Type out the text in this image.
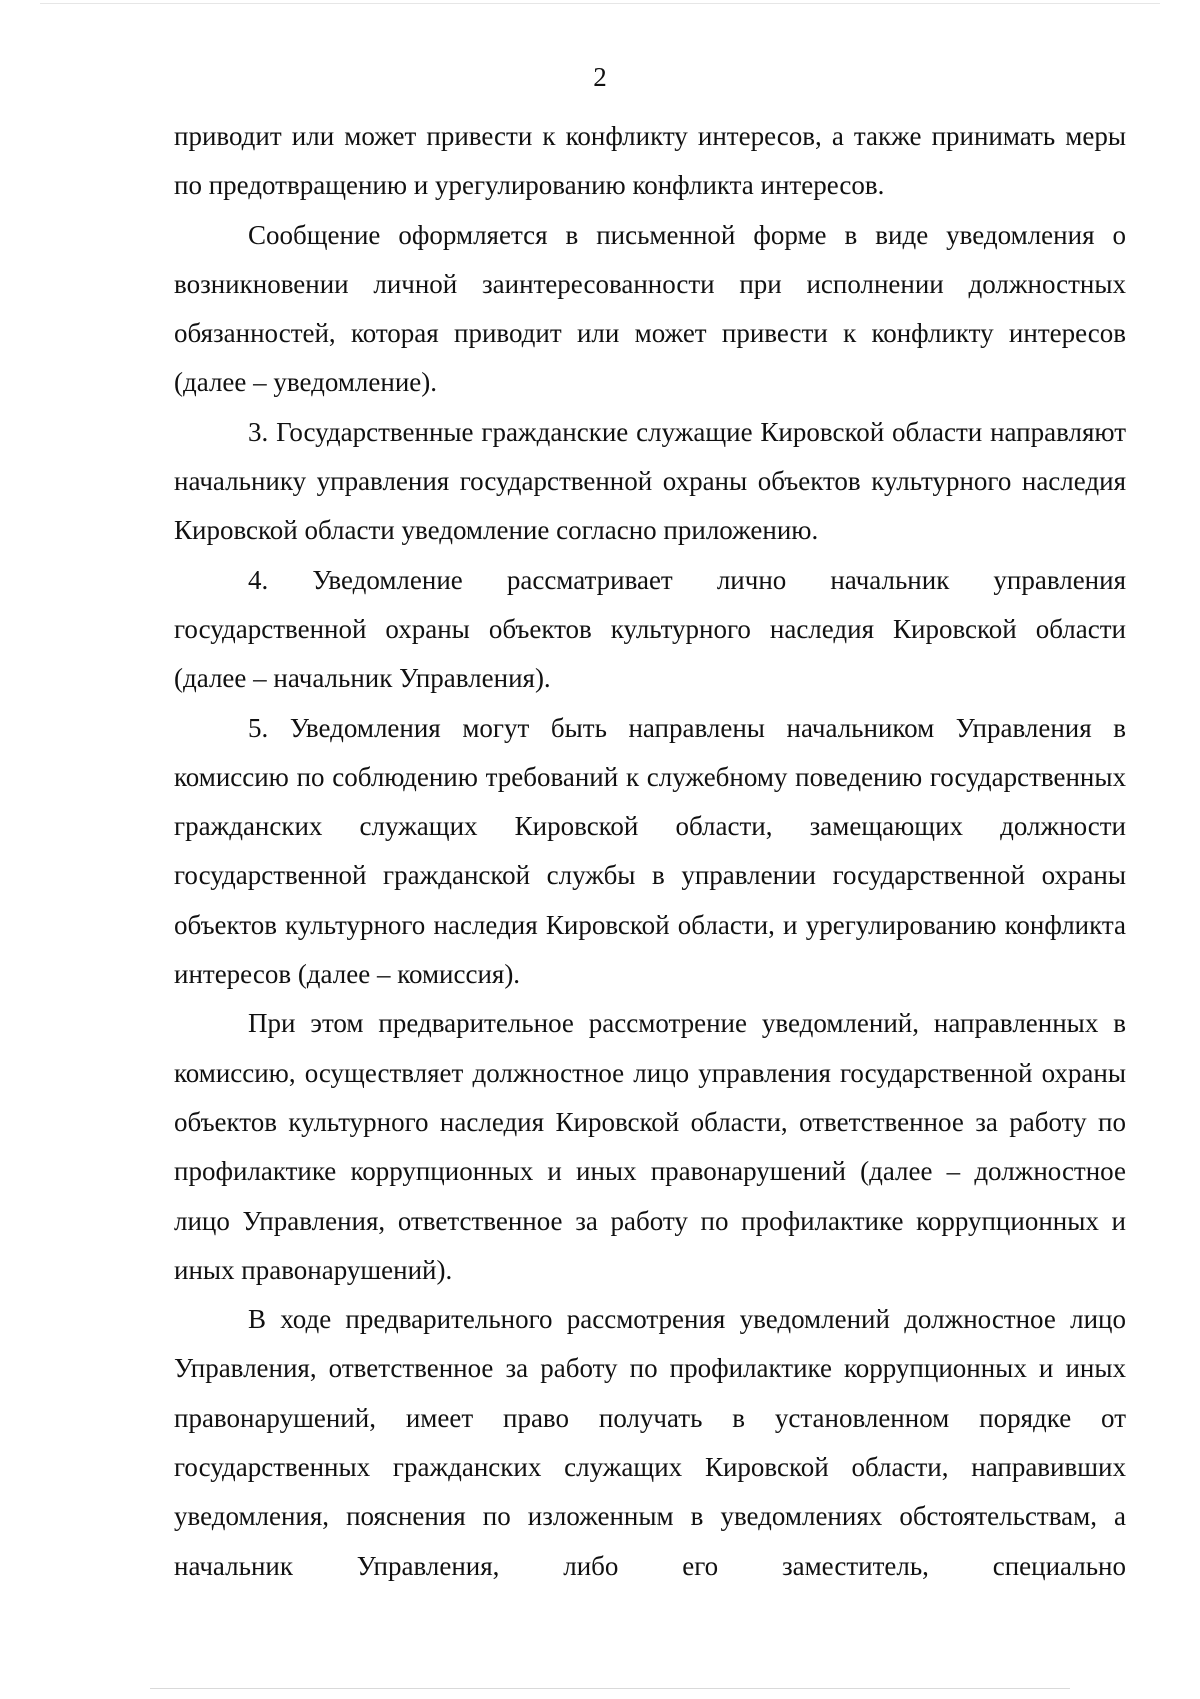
2

приводит или может привести к конфликту интересов, а также принимать меры по предотвращению и урегулированию конфликта интересов.

Сообщение оформляется в письменной форме в виде уведомления о возникновении личной заинтересованности при исполнении должностных обязанностей, которая приводит или может привести к конфликту интересов (далее – уведомление).

3. Государственные гражданские служащие Кировской области направляют начальнику управления государственной охраны объектов культурного наследия Кировской области уведомление согласно приложению.

4. Уведомление рассматривает лично начальник управления государственной охраны объектов культурного наследия Кировской области (далее – начальник Управления).

5. Уведомления могут быть направлены начальником Управления в комиссию по соблюдению требований к служебному поведению государственных гражданских служащих Кировской области, замещающих должности государственной гражданской службы в управлении государственной охраны объектов культурного наследия Кировской области, и урегулированию конфликта интересов (далее – комиссия).

При этом предварительное рассмотрение уведомлений, направленных в комиссию, осуществляет должностное лицо управления государственной охраны объектов культурного наследия Кировской области, ответственное за работу по профилактике коррупционных и иных правонарушений (далее – должностное лицо Управления, ответственное за работу по профилактике коррупционных и иных правонарушений).

В ходе предварительного рассмотрения уведомлений должностное лицо Управления, ответственное за работу по профилактике коррупционных и иных правонарушений, имеет право получать в установленном порядке от государственных гражданских служащих Кировской области, направивших уведомления, пояснения по изложенным в уведомлениях обстоятельствам, а начальник Управления, либо его заместитель, специально
